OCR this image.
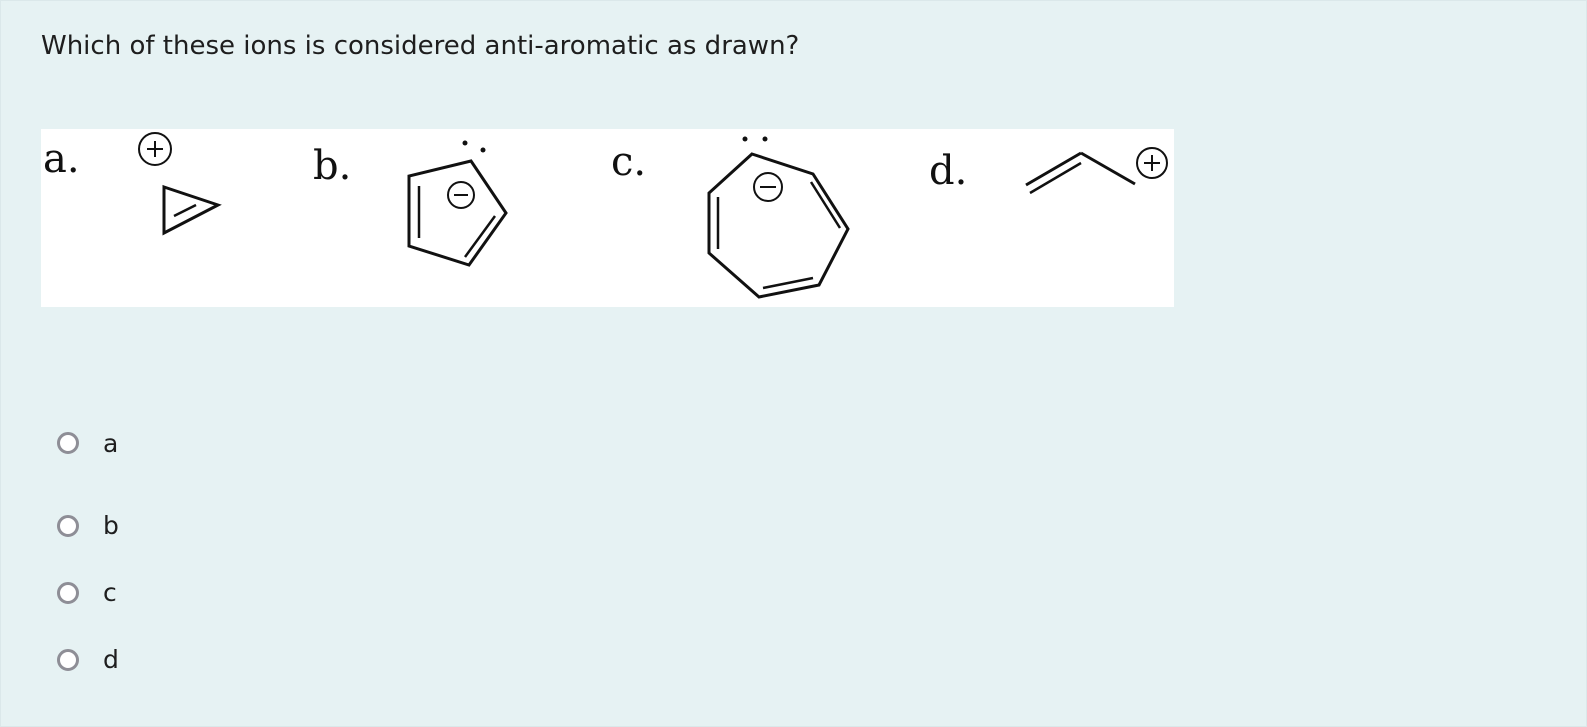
Which of these ions is considered anti-aromatic as drawn?
a.	b.	c.	d.
a
b
c
d
